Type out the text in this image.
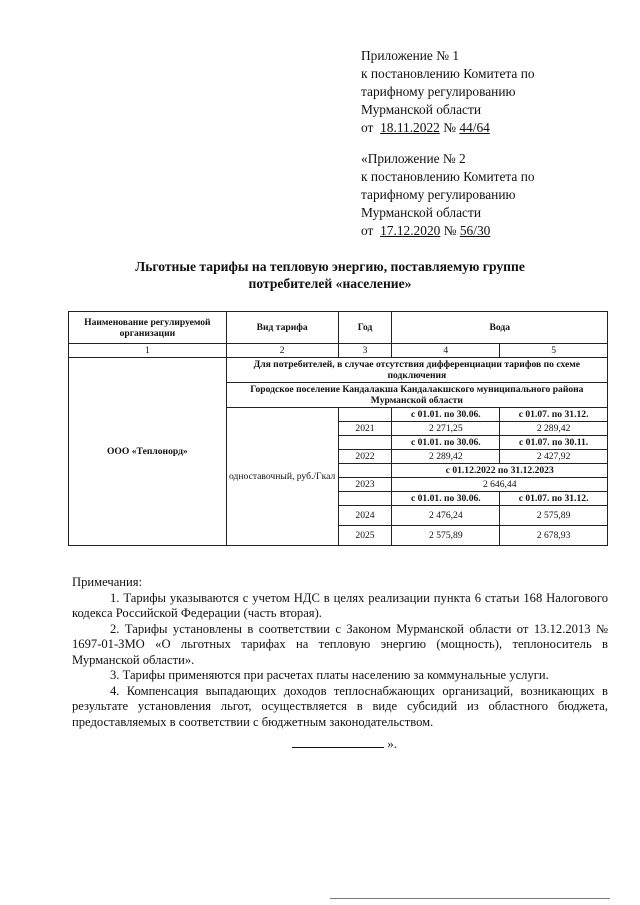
Приложение № 1
к постановлению Комитета по
тарифному регулированию
Мурманской области
от 18.11.2022 № 44/64
«Приложение № 2
к постановлению Комитета по
тарифному регулированию
Мурманской области
от 17.12.2020 № 56/30
Льготные тарифы на тепловую энергию, поставляемую группе
потребителей «население»
Наименование регулируемой организации	Вид тарифа	Год	Вода	
1	2	3	4	5
ООО «Теплонорд»	Для потребителей, в случае отсутствия дифференциации тарифов по схеме подключения			
	Городское поселение Кандалакша Кандалакшского муниципального района Мурманской области			
	одноставочный, руб./Гкал		с 01.01. по 30.06.	с 01.07. по 31.12.
		2021	2 271,25	2 289,42
			с 01.01. по 30.06.	с 01.07. по 30.11.
		2022	2 289,42	2 427,92
			с 01.12.2022 по 31.12.2023	
		2023	2 646,44	
			с 01.01. по 30.06.	с 01.07. по 31.12.
		2024	2 476,24	2 575,89
		2025	2 575,89	2 678,93

Примечания:

1. Тарифы указываются с учетом НДС в целях реализации пункта 6 статьи 168 Налогового кодекса Российской Федерации (часть вторая).

2. Тарифы установлены в соответствии с Законом Мурманской области от 13.12.2013 № 1697-01-ЗМО «О льготных тарифах на тепловую энергию (мощность), теплоноситель в Мурманской области».

3. Тарифы применяются при расчетах платы населению за коммунальные услуги.

4. Компенсация выпадающих доходов теплоснабжающих организаций, возникающих в результате установления льгот, осуществляется в виде субсидий из областного бюджета, предоставляемых в соответствии с бюджетным законодательством.

».
